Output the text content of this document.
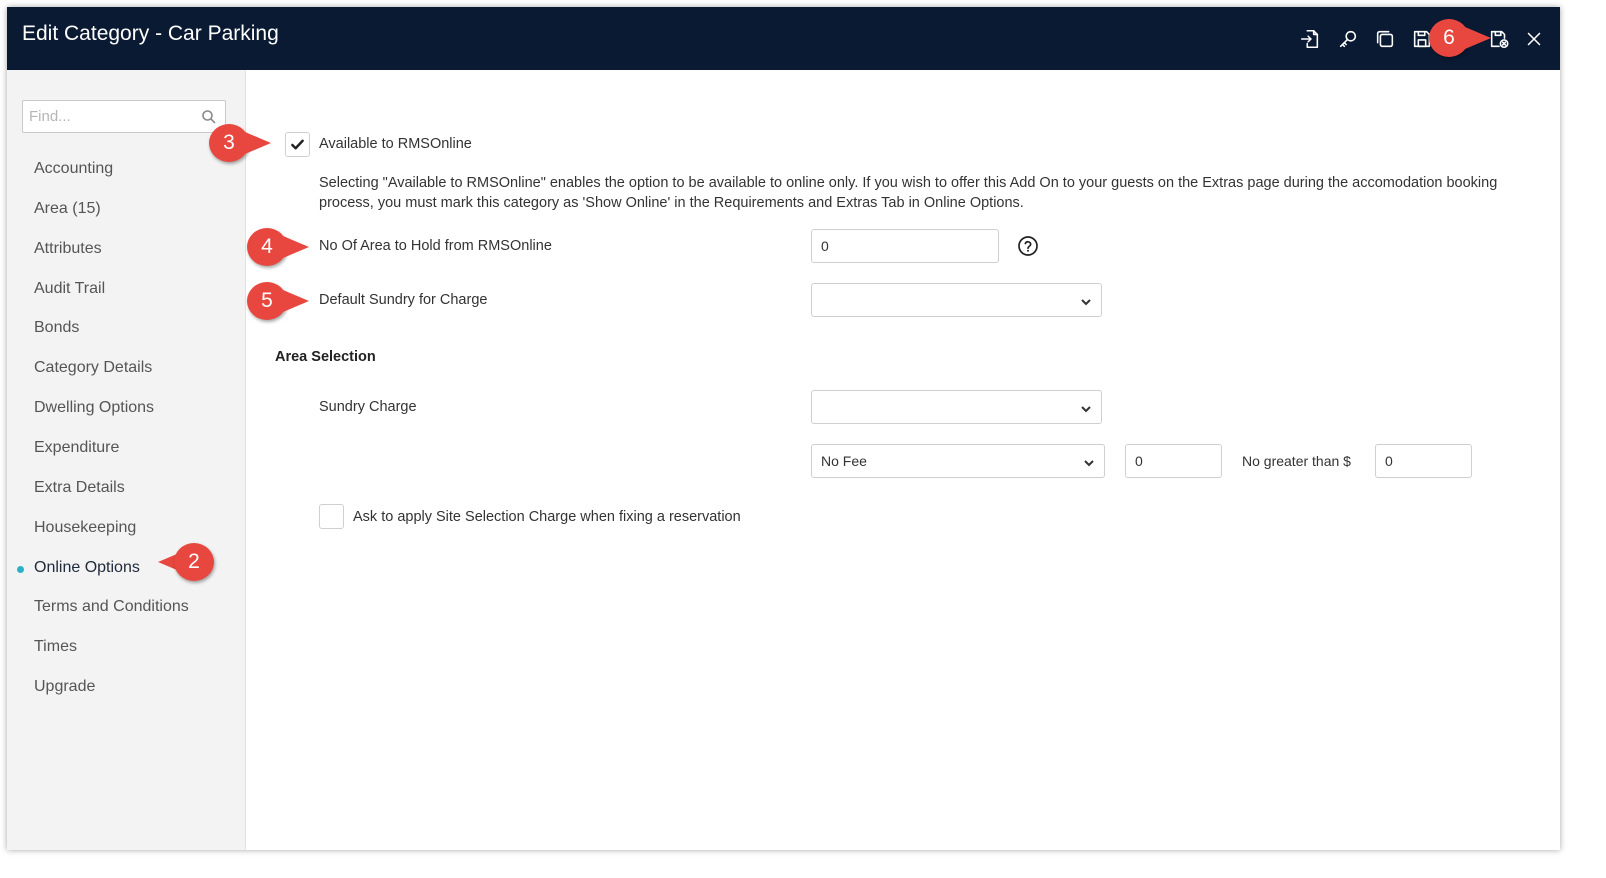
Edit Category - Car Parking
Find...
Accounting
Area (15)
Attributes
Audit Trail
Bonds
Category Details
Dwelling Options
Expenditure
Extra Details
Housekeeping
Online Options
Terms and Conditions
Times
Upgrade
Available to RMSOnline
Selecting "Available to RMSOnline" enables the option to be available to online only. If you wish to offer this Add On to your guests on the Extras page during the accomodation booking process, you must mark this category as 'Show Online' in the Requirements and Extras Tab in Online Options.
No Of Area to Hold from RMSOnline	0
Default Sundry for Charge
Area Selection
Sundry Charge
No Fee	0	No greater than $	0
Ask to apply Site Selection Charge when fixing a reservation
2
3
4
5
6
